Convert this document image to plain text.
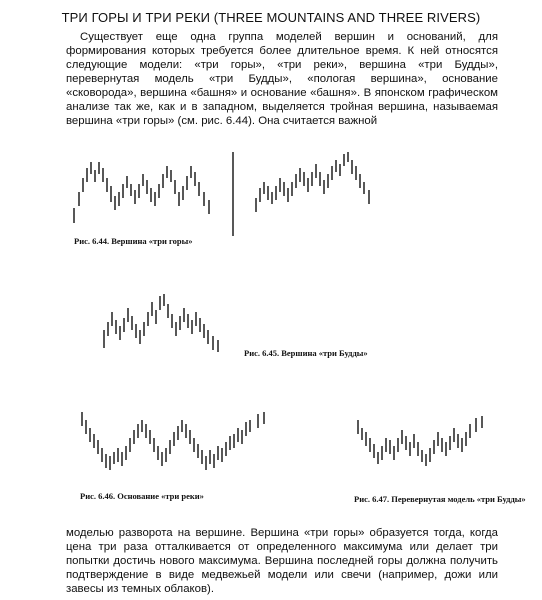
ТРИ ГОРЫ И ТРИ РЕКИ (THREE MOUNTAINS AND THREE RIVERS)
Существует еще одна группа моделей вершин и оснований, для формирования которых требуется более длительное время. К ней относятся следующие модели: «три горы», «три реки», вершина «три Будды», перевернутая модель «три Будды», «пологая вершина», основание «сковорода», вершина «башня» и основание «башня». В японском графическом анализе так же, как и в западном, выделяется тройная вершина, называемая вершина «три горы» (см. рис. 6.44). Она считается важной
Рис. 6.44. Вершина «три горы»
Рис. 6.45. Вершина «три Будды»
Рис. 6.46. Основание «три реки»	Рис. 6.47. Перевернутая модель «три Будды»
моделью разворота на вершине. Вершина «три горы» образуется тогда, когда цена три раза отталкивается от определенного максимума или делает три попытки достичь нового максимума. Вершина последней горы должна получить подтверждение в виде медвежьей модели или свечи (например, дожи или завесы из темных облаков).
